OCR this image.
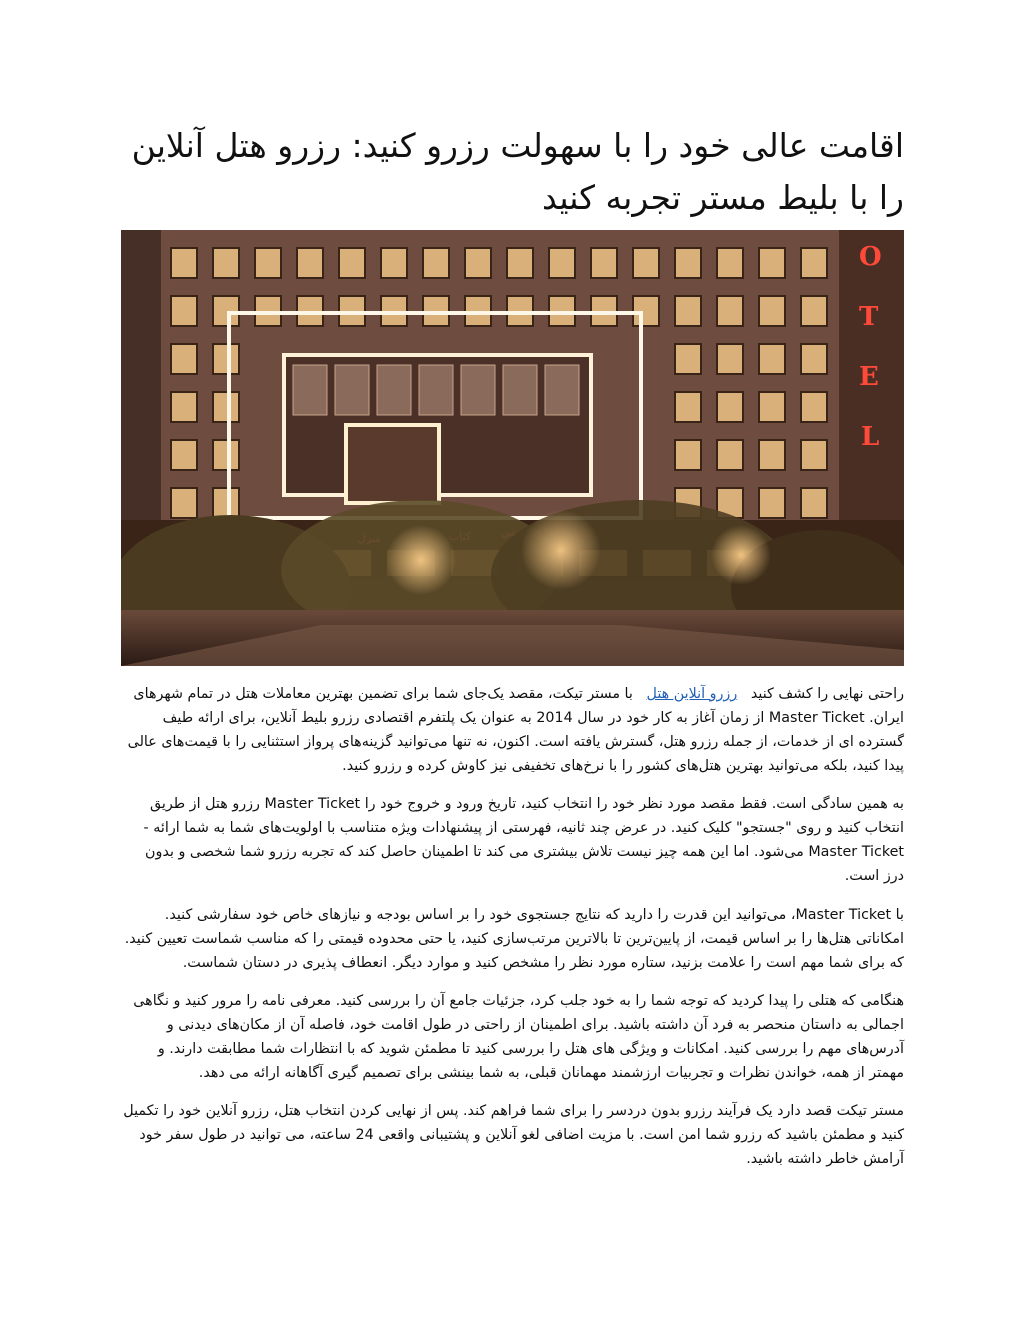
اقامت عالی خود را با سهولت رزرو کنید: رزرو هتل آنلاین را با بلیط مستر تجربه کنید
O
T
E
L

راحتی نهایی را کشف کنید   رزرو آنلاین هتل   با مستر تیکت، مقصد یک‌جای شما برای تضمین بهترین معاملات هتل در تمام شهرهای ایران. Master Ticket از زمان آغاز به کار خود در سال 2014 به عنوان یک پلتفرم اقتصادی رزرو بلیط آنلاین، برای ارائه طیف گسترده ای از خدمات، از جمله رزرو هتل، گسترش یافته است. اکنون، نه تنها می‌توانید گزینه‌های پرواز استثنایی را با قیمت‌های عالی پیدا کنید، بلکه می‌توانید بهترین هتل‌های کشور را با نرخ‌های تخفیفی نیز کاوش کرده و رزرو کنید.

به همین سادگی است. فقط مقصد مورد نظر خود را انتخاب کنید، تاریخ ورود و خروج خود را Master Ticket رزرو هتل از طریق انتخاب کنید و روی "جستجو" کلیک کنید. در عرض چند ثانیه، فهرستی از پیشنهادات ویژه متناسب با اولویت‌های شما به شما ارائه - Master Ticket می‌شود. اما این همه چیز نیست تلاش بیشتری می کند تا اطمینان حاصل کند که تجربه رزرو شما شخصی و بدون درز است.

با Master Ticket، می‌توانید این قدرت را دارید که نتایج جستجوی خود را بر اساس بودجه و نیازهای خاص خود سفارشی کنید. امکاناتی هتل‌ها را بر اساس قیمت، از پایین‌ترین تا بالاترین مرتب‌سازی کنید، یا حتی محدوده قیمتی را که مناسب شماست تعیین کنید. که برای شما مهم است را علامت بزنید، ستاره مورد نظر را مشخص کنید و موارد دیگر. انعطاف پذیری در دستان شماست.

هنگامی که هتلی را پیدا کردید که توجه شما را به خود جلب کرد، جزئیات جامع آن را بررسی کنید. معرفی نامه را مرور کنید و نگاهی اجمالی به داستان منحصر به فرد آن داشته باشید. برای اطمینان از راحتی در طول اقامت خود، فاصله آن از مکان‌های دیدنی و آدرس‌های مهم را بررسی کنید. امکانات و ویژگی های هتل را بررسی کنید تا مطمئن شوید که با انتظارات شما مطابقت دارند. و مهمتر از همه، خواندن نظرات و تجربیات ارزشمند مهمانان قبلی، به شما بینشی برای تصمیم گیری آگاهانه ارائه می دهد.

مستر تیکت قصد دارد یک فرآیند رزرو بدون دردسر را برای شما فراهم کند. پس از نهایی کردن انتخاب هتل، رزرو آنلاین خود را تکمیل کنید و مطمئن باشید که رزرو شما امن است. با مزیت اضافی لغو آنلاین و پشتیبانی واقعی 24 ساعته، می توانید در طول سفر خود آرامش خاطر داشته باشید.
